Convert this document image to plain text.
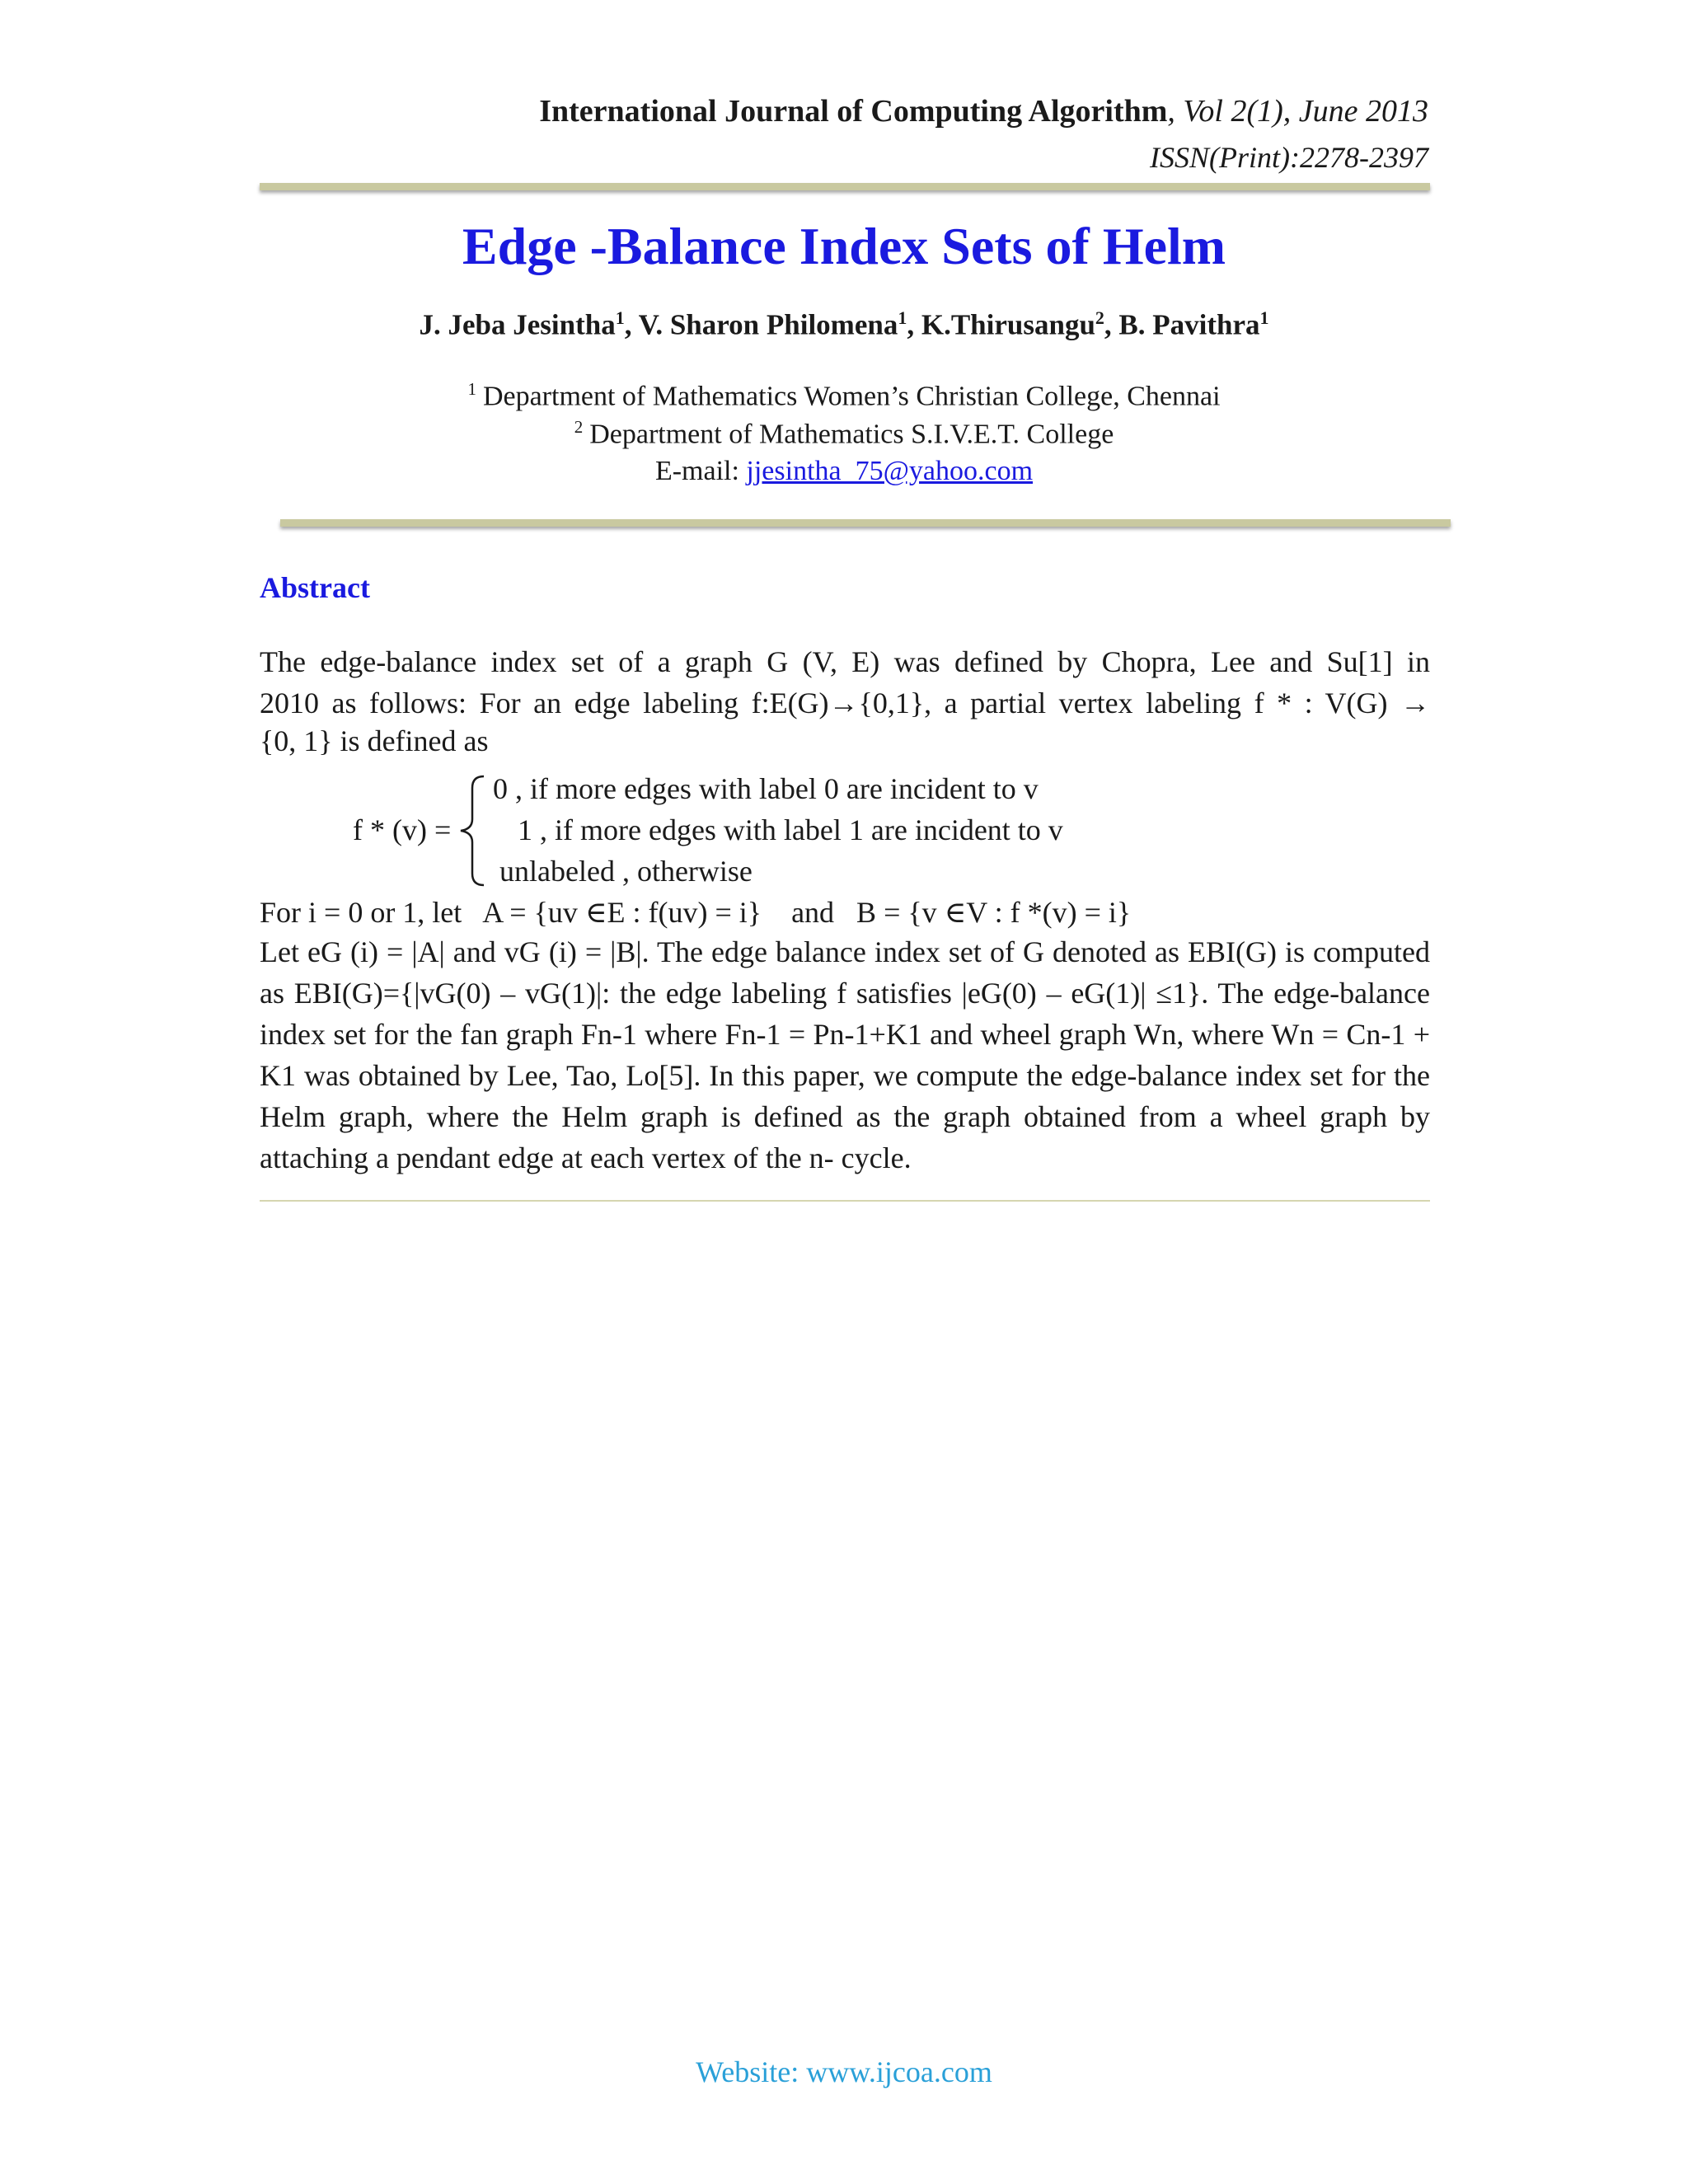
International Journal of Computing Algorithm, Vol 2(1), June 2013
ISSN(Print):2278-2397
Edge -Balance Index Sets of Helm
J. Jeba Jesintha$^1$, V. Sharon Philomena$^1$, K.Thirusangu$^2$, B. Pavithra$^1$
$^1$ Department of Mathematics Women’s Christian College, Chennai
$^2$ Department of Mathematics S.I.V.E.T. College
E-mail: jjesintha_75@yahoo.com
Abstract
The edge-balance index set of a graph G (V, E) was defined by Chopra, Lee and Su[1] in
2010 as follows: For an edge labeling f:E(G)→{0,1}, a partial vertex labeling f * : V(G) →
{0, 1} is defined as
f * (v) =
0 , if more edges with label 0 are incident to v
1 , if more edges with label 1 are incident to v
unlabeled , otherwise
For i = 0 or 1, let   A = {uv ∈E : f(uv) = i}    and   B = {v ∈V : f *(v) = i}
Let eG (i) = |A| and vG (i) = |B|. The edge balance index set of G denoted as EBI(G) is computed as EBI(G)={|vG(0) – vG(1)|: the edge labeling f satisfies |eG(0) – eG(1)| ≤1}. The edge-balance index set for the fan graph Fn-1 where Fn-1 = Pn-1+K1 and wheel graph Wn, where Wn = Cn-1 + K1 was obtained by Lee, Tao, Lo[5]. In this paper, we compute the edge-balance index set for the Helm graph, where the Helm graph is defined as the graph obtained from a wheel graph by attaching a pendant edge at each vertex of the n- cycle.
Website: www.ijcoa.com
